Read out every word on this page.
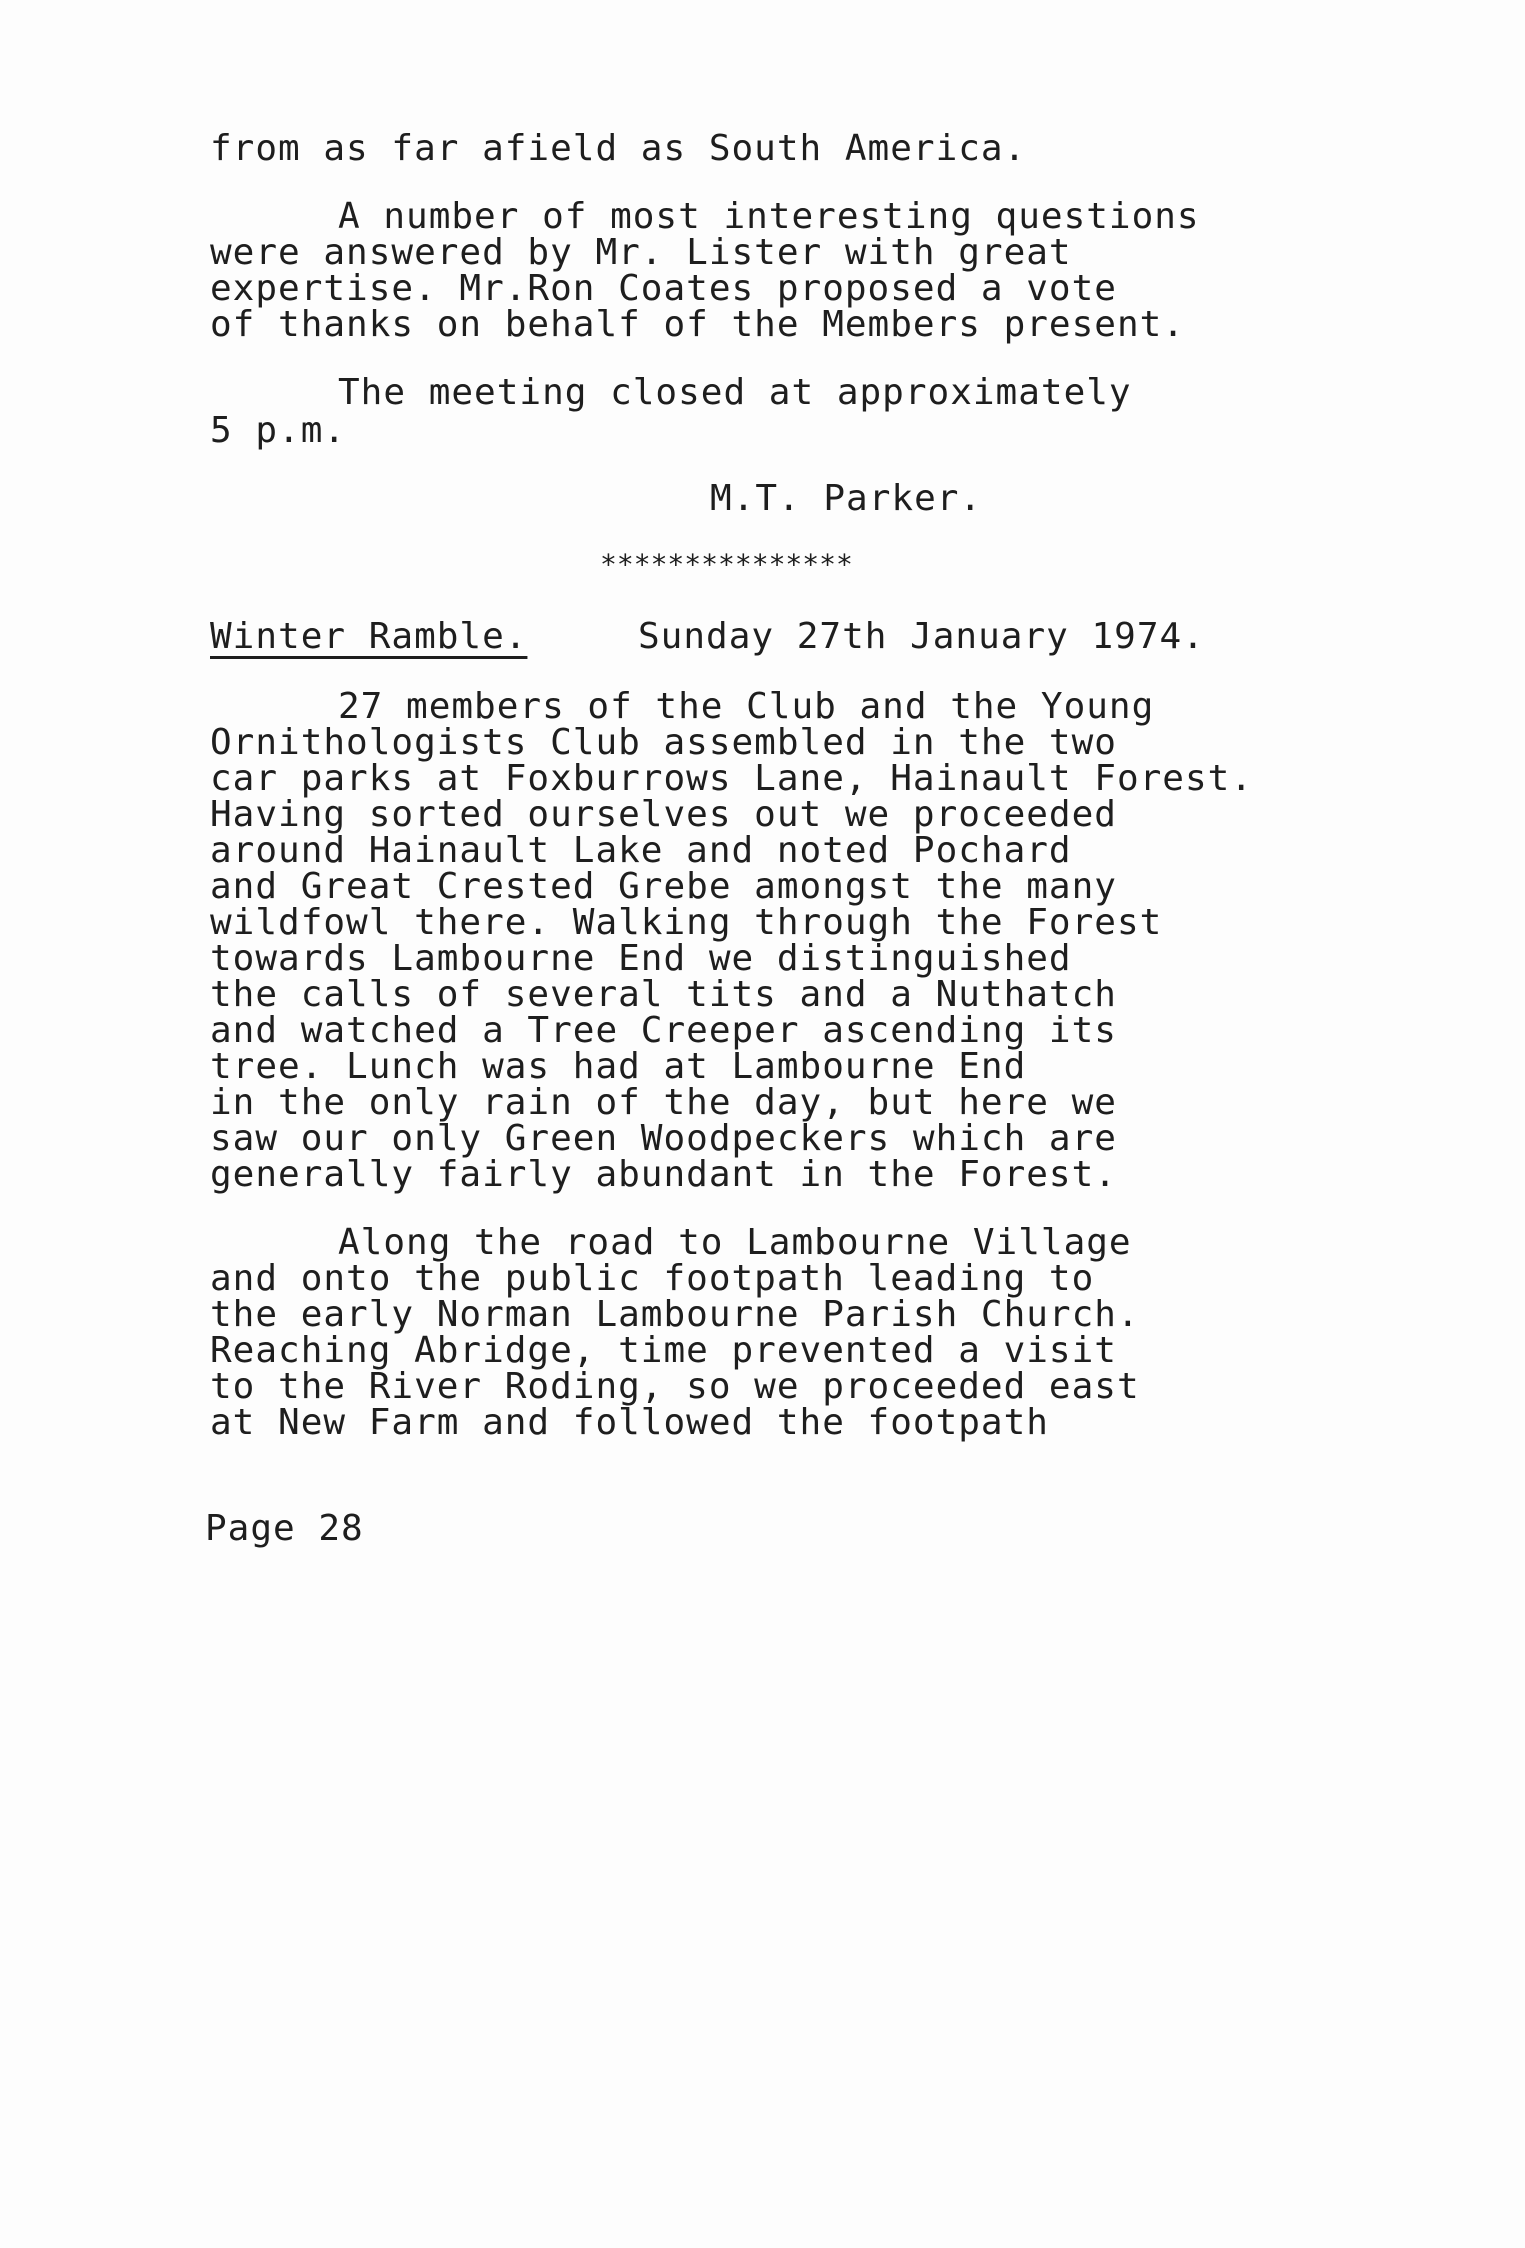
from as far afield as South America.
A number of most interesting questions
were answered by Mr. Lister with great
expertise. Mr.Ron Coates proposed a vote
of thanks on behalf of the Members present.
The meeting closed at approximately
5 p.m.
M.T. Parker.
***************
Winter Ramble.	Sunday 27th January 1974.
27 members of the Club and the Young
Ornithologists Club assembled in the two
car parks at Foxburrows Lane, Hainault Forest.
Having sorted ourselves out we proceeded
around Hainault Lake and noted Pochard
and Great Crested Grebe amongst the many
wildfowl there. Walking through the Forest
towards Lambourne End we distinguished
the calls of several tits and a Nuthatch
and watched a Tree Creeper ascending its
tree. Lunch was had at Lambourne End
in the only rain of the day, but here we
saw our only Green Woodpeckers which are
generally fairly abundant in the Forest.
Along the road to Lambourne Village
and onto the public footpath leading to
the early Norman Lambourne Parish Church.
Reaching Abridge, time prevented a visit
to the River Roding, so we proceeded east
at New Farm and followed the footpath
Page 28
